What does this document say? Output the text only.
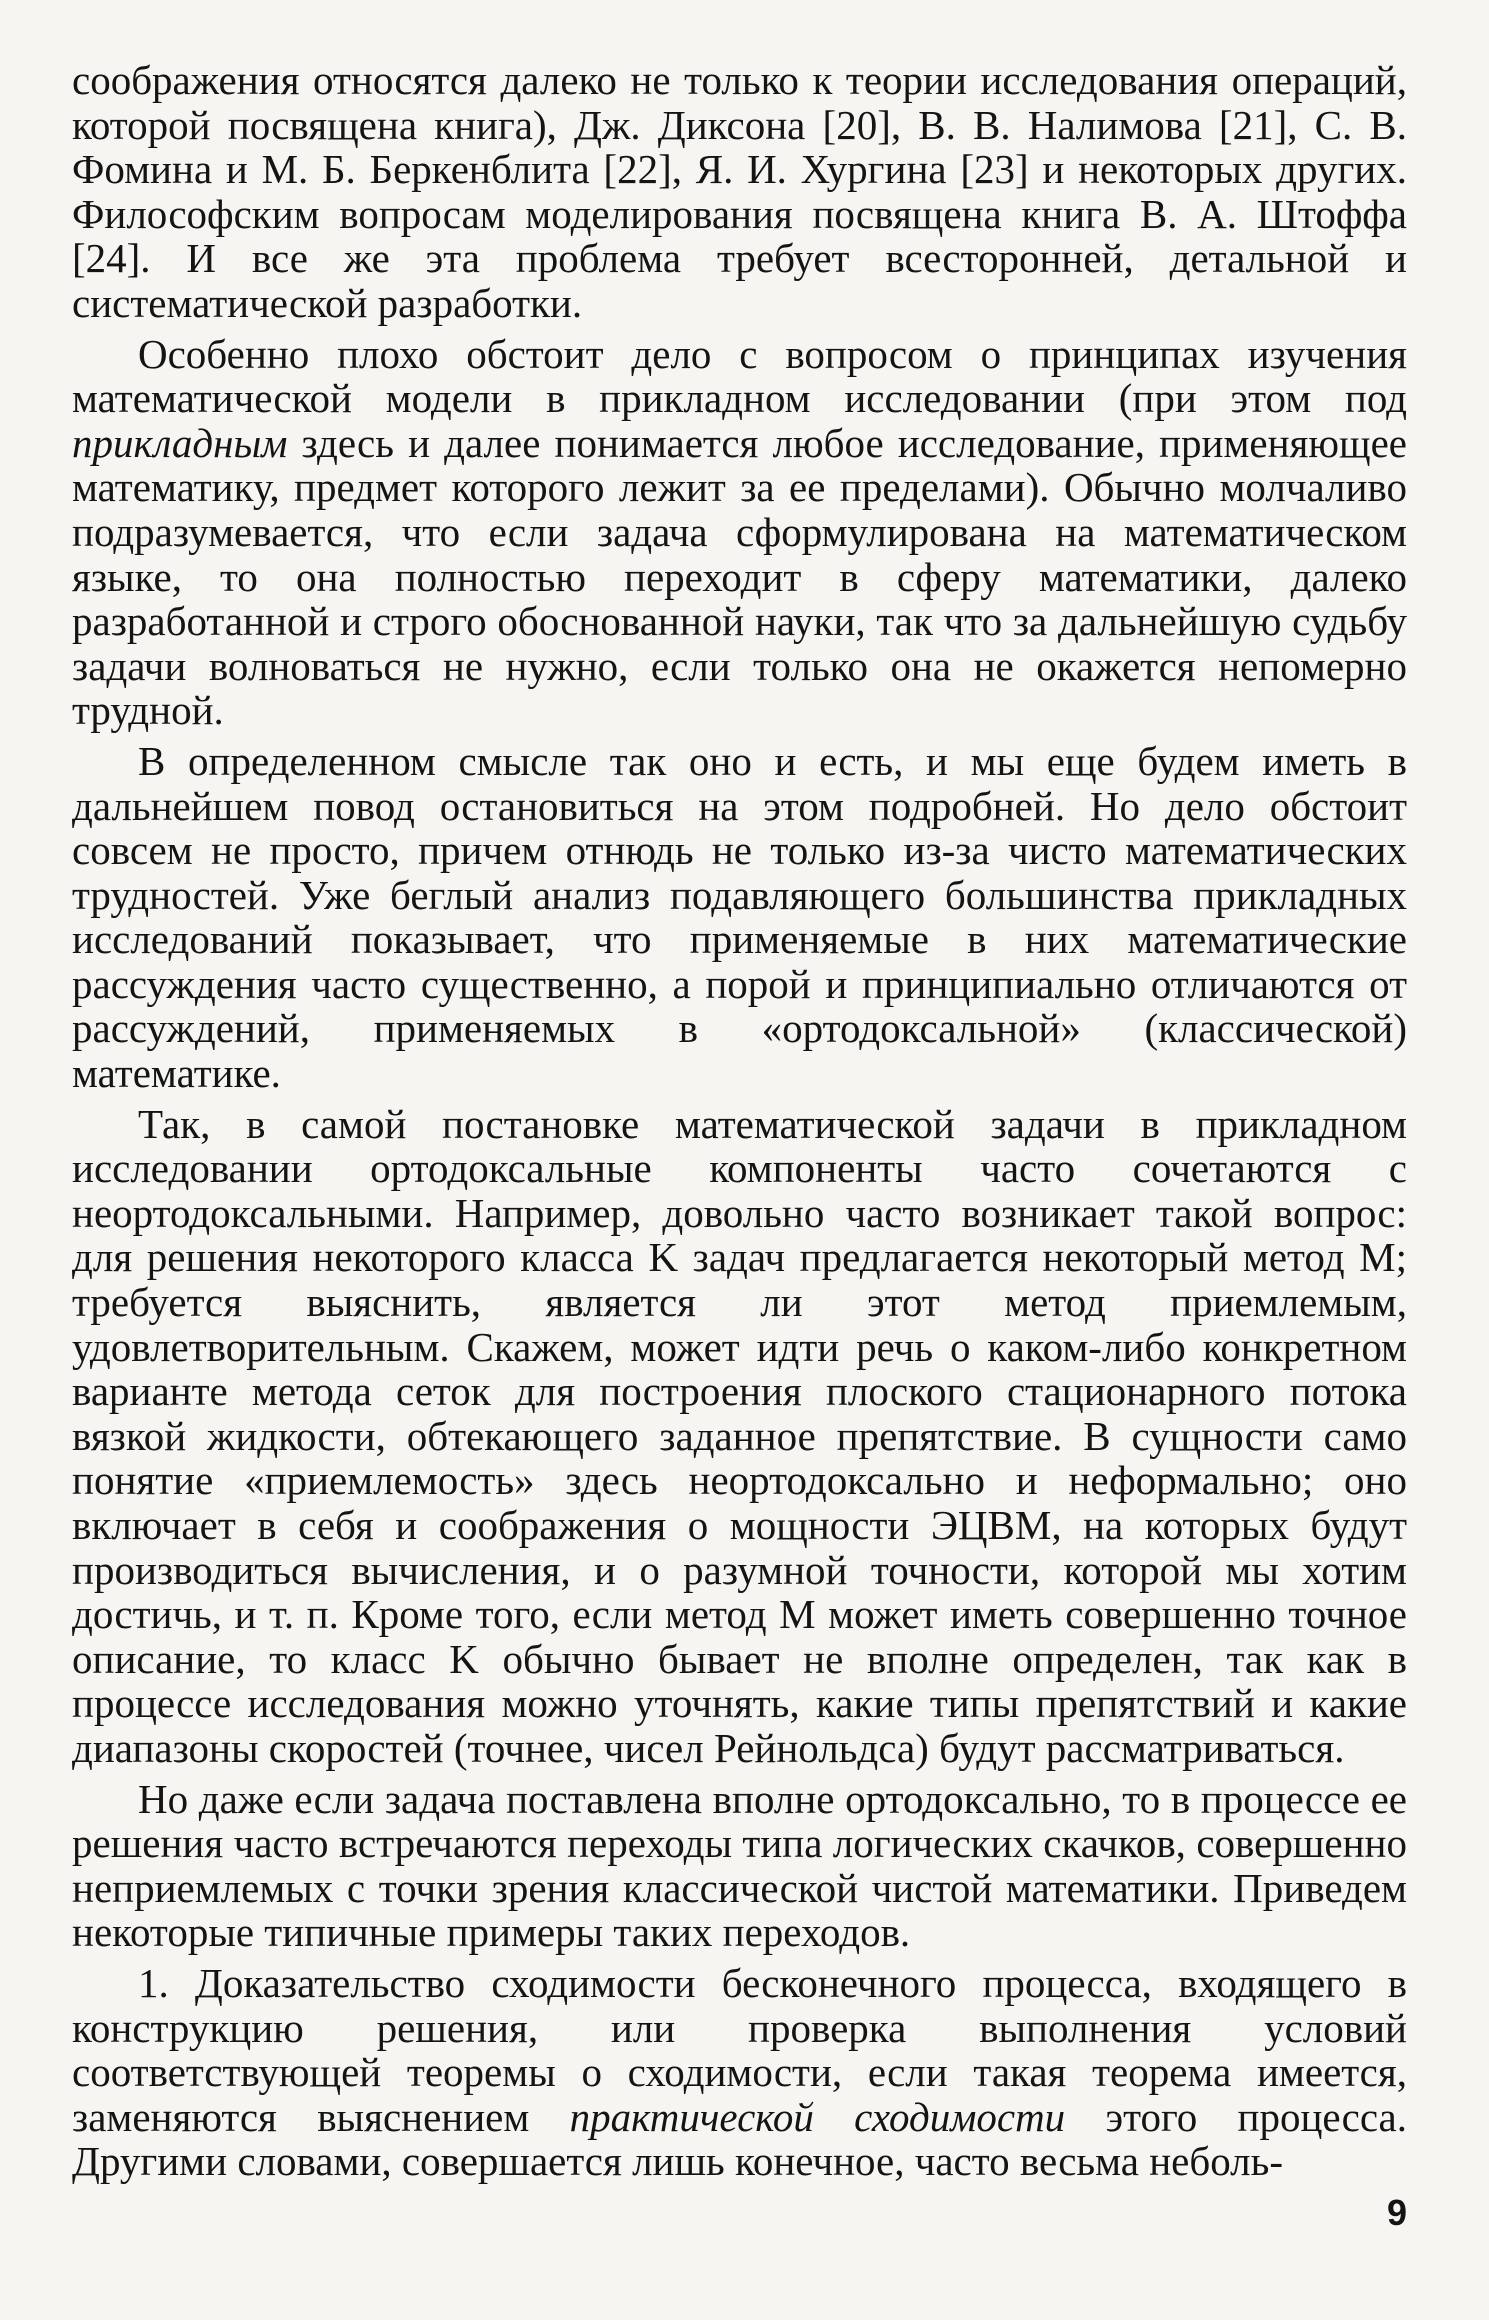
соображения относятся далеко не только к теории исследования операций, которой посвящена книга), Дж. Диксона [20], В. В. Налимова [21], С. В. Фомина и М. Б. Беркенблита [22], Я. И. Хургина [23] и некоторых других. Философским вопросам моделирования посвящена книга В. А. Штоффа [24]. И все же эта проблема требует всесторонней, детальной и систематической разработки.

Особенно плохо обстоит дело с вопросом о принципах изучения математической модели в прикладном исследовании (при этом под прикладным здесь и далее понимается любое исследование, применяющее математику, предмет которого лежит за ее пределами). Обычно молчаливо подразумевается, что если задача сформулирована на математическом языке, то она полностью переходит в сферу математики, далеко разработанной и строго обоснованной науки, так что за дальнейшую судьбу задачи волноваться не нужно, если только она не окажется непомерно трудной.

В определенном смысле так оно и есть, и мы еще будем иметь в дальнейшем повод остановиться на этом подробней. Но дело обстоит совсем не просто, причем отнюдь не только из-за чисто математических трудностей. Уже беглый анализ подавляющего большинства прикладных исследований показывает, что применяемые в них математические рассуждения часто существенно, а порой и принципиально отличаются от рассуждений, применяемых в «ортодоксальной» (классической) математике.

Так, в самой постановке математической задачи в прикладном исследовании ортодоксальные компоненты часто сочетаются с неортодоксальными. Например, довольно часто возникает такой вопрос: для решения некоторого класса K задач предлагается некоторый метод M; требуется выяснить, является ли этот метод приемлемым, удовлетворительным. Скажем, может идти речь о каком-либо конкретном варианте метода сеток для построения плоского стационарного потока вязкой жидкости, обтекающего заданное препятствие. В сущности само понятие «приемлемость» здесь неортодоксально и неформально; оно включает в себя и соображения о мощности ЭЦВМ, на которых будут производиться вычисления, и о разумной точности, которой мы хотим достичь, и т. п. Кроме того, если метод M может иметь совершенно точное описание, то класс K обычно бывает не вполне определен, так как в процессе исследования можно уточнять, какие типы препятствий и какие диапазоны скоростей (точнее, чисел Рейнольдса) будут рассматриваться.

Но даже если задача поставлена вполне ортодоксально, то в процессе ее решения часто встречаются переходы типа логических скачков, совершенно неприемлемых с точки зрения классической чистой математики. Приведем некоторые типичные примеры таких переходов.

1. Доказательство сходимости бесконечного процесса, входящего в конструкцию решения, или проверка выполнения условий соответствующей теоремы о сходимости, если такая теорема имеется, заменяются выяснением практической сходимости этого процесса. Другими словами, совершается лишь конечное, часто весьма неболь-

9
